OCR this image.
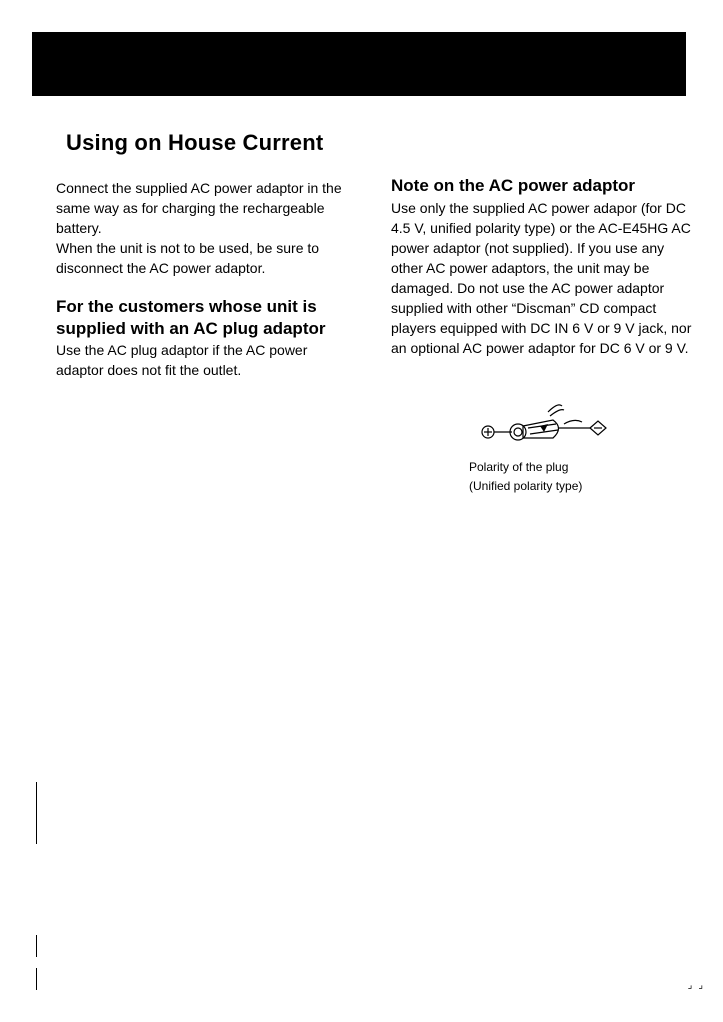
Using on House Current

Connect the supplied AC power adaptor in the same way as for charging the rechargeable battery.

When the unit is not to be used, be sure to disconnect the AC power adaptor.

For the customers whose unit is supplied with an AC plug adaptor

Use the AC plug adaptor if the AC power adaptor does not fit the outlet.

Note on the AC power adaptor

Use only the supplied AC power adapor (for DC 4.5 V, unified polarity type) or the AC-E45HG AC power adaptor (not supplied). If you use any other AC power adaptors, the unit may be damaged. Do not use the AC power adaptor supplied with other “Discman” CD compact players equipped with DC IN 6 V or 9 V jack, nor an optional AC power adaptor for DC 6 V or 9 V.

Polarity of the plug

(Unified polarity type)

⌟⌟
